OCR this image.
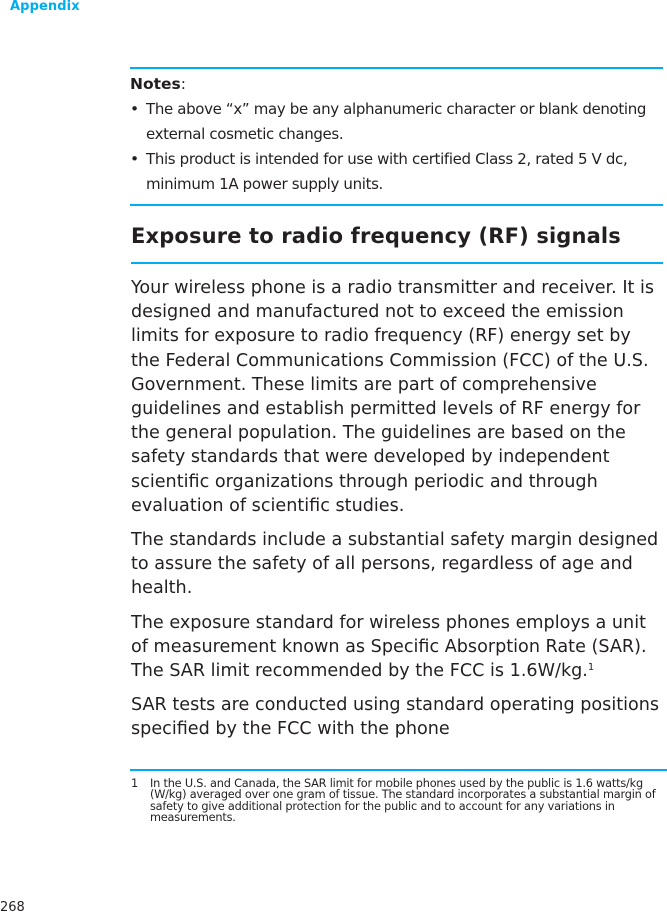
Appendix
Notes:
• The above “x” may be any alphanumeric character or blank denoting external cosmetic changes.
• This product is intended for use with certified Class 2, rated 5 V dc, minimum 1A power supply units.
Exposure to radio frequency (RF) signals

Your wireless phone is a radio transmitter and receiver. It is designed and manufactured not to exceed the emission limits for exposure to radio frequency (RF) energy set by the Federal Communications Commission (FCC) of the U.S. Government. These limits are part of comprehensive guidelines and establish permitted levels of RF energy for the general population. The guidelines are based on the safety standards that were developed by independent scientific organizations through periodic and through evaluation of scientific studies.

The standards include a substantial safety margin designed to assure the safety of all persons, regardless of age and health.

The exposure standard for wireless phones employs a unit of measurement known as Specific Absorption Rate (SAR). The SAR limit recommended by the FCC is 1.6W/kg.$^1$

SAR tests are conducted using standard operating positions specified by the FCC with the phone

1	In the U.S. and Canada, the SAR limit for mobile phones used by the public is 1.6 watts/kg (W/kg) averaged over one gram of tissue. The standard incorporates a substantial margin of safety to give additional protection for the public and to account for any variations in measurements.
268
